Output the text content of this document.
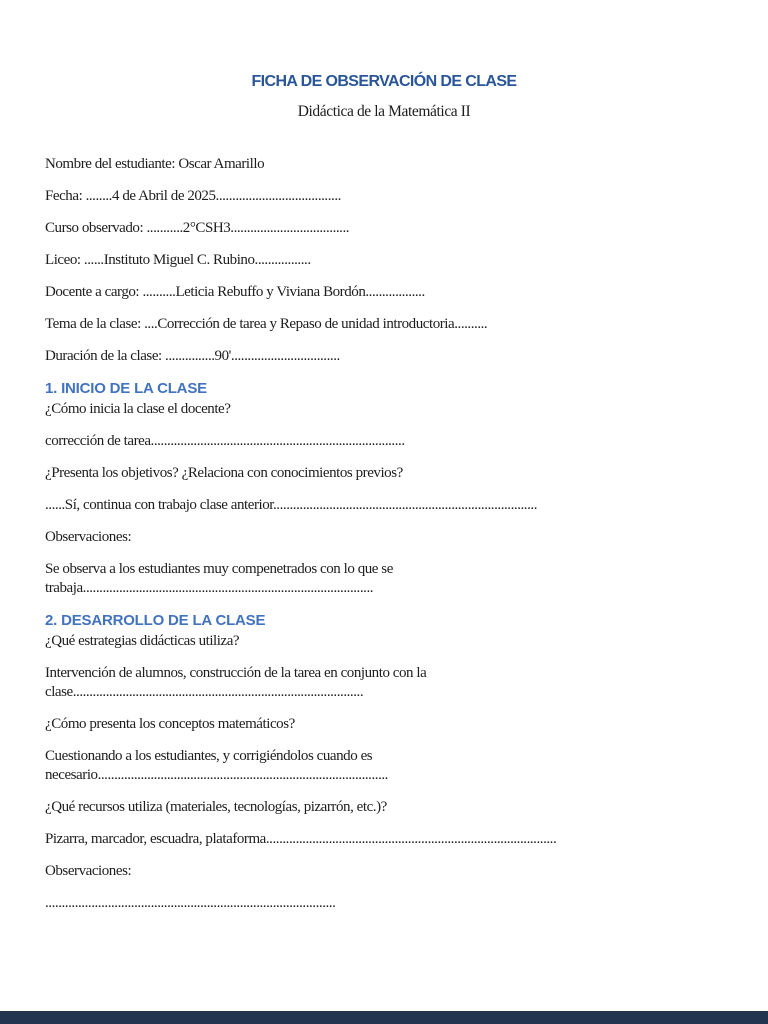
FICHA DE OBSERVACIÓN DE CLASE
Didáctica de la Matemática II

Nombre del estudiante: Oscar Amarillo

Fecha: ........4 de Abril de 2025......................................

Curso observado: ...........2°CSH3....................................

Liceo: ......Instituto Miguel C. Rubino.................

Docente a cargo: ..........Leticia Rebuffo y Viviana Bordón..................

Tema de la clase: ....Corrección de tarea y Repaso de unidad introductoria..........

Duración de la clase: ...............90'.................................

1. INICIO DE LA CLASE

¿Cómo inicia la clase el docente?

corrección de tarea.............................................................................

¿Presenta los objetivos? ¿Relaciona con conocimientos previos?

......Sí, continua con trabajo clase anterior................................................................................

Observaciones:

Se observa a los estudiantes muy compenetrados con lo que se
trabaja........................................................................................

2. DESARROLLO DE LA CLASE

¿Qué estrategias didácticas utiliza?

Intervención de alumnos, construcción de la tarea en conjunto con la
clase........................................................................................

¿Cómo presenta los conceptos matemáticos?

Cuestionando a los estudiantes, y corrigiéndolos cuando es
necesario........................................................................................

¿Qué recursos utiliza (materiales, tecnologías, pizarrón, etc.)?

Pizarra, marcador, escuadra, plataforma........................................................................................

Observaciones:

........................................................................................
